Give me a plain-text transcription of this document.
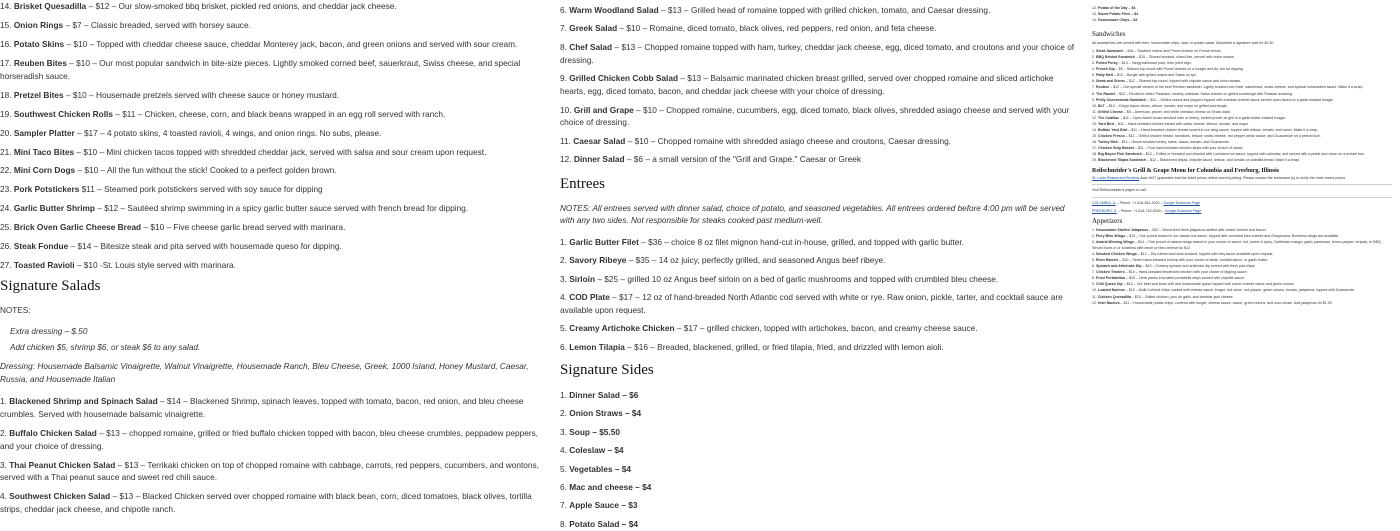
14. Brisket Quesadilla – $12 – Our slow-smoked bbq brisket, pickled red onions, and cheddar jack cheese.
15. Onion Rings – $7 – Classic breaded, served with horsey sauce.
16. Potato Skins – $10 – Topped with cheddar cheese sauce, cheddar Monterey jack, bacon, and green onions and served with sour cream.
17. Reuben Bites – $10 – Our most popular sandwich in bite-size pieces. Lightly smoked corned beef, sauerkraut, Swiss cheese, and special horseradish sauce.
18. Pretzel Bites – $10 – Housemade pretzels served with cheese sauce or honey mustard.
19. Southwest Chicken Rolls – $11 – Chicken, cheese, corn, and black beans wrapped in an egg roll served with ranch.
20. Sampler Platter – $17 – 4 potato skins, 4 toasted ravioli, 4 wings, and onion rings. No subs, please.
21. Mini Taco Bites – $10 – Mini chicken tacos topped with shredded cheddar jack, served with salsa and sour cream upon request.
22. Mini Corn Dogs – $10 – All the fun without the stick! Cooked to a perfect golden brown.
23. Pork Potstickers $11 – Steamed pork potstickers served with soy sauce for dipping
24. Garlic Butter Shrimp – $12 – Sautéed shrimp swimming in a spicy garlic butter sauce served with french bread for dipping.
25. Brick Oven Garlic Cheese Bread – $10 – Five cheese garlic bread served with marinara.
26. Steak Fondue – $14 – Bitesize steak and pita served with housemade queso for dipping.
27. Toasted Ravioli – $10 -St. Louis style served with marinara.
Signature Salads
NOTES:
Extra dressing – $.50
Add chicken $5, shrimp $6, or steak $6 to any salad.
Dressing: Housemade Balsamic Vinaigrette, Walnut Vinaigrette, Housemade Ranch, Bleu Cheese, Greek, 1000 Island, Honey Mustard, Caesar, Russia, and Housemade Italian
1. Blackened Shrimp and Spinach Salad – $14 – Blackened Shrimp, spinach leaves, topped with tomato, bacon, red onion, and bleu cheese crumbles. Served with housemade balsamic vinaigrette.
2. Buffalo Chicken Salad – $13 – chopped romaine, grilled or fried buffalo chicken topped with bacon, bleu cheese crumbles, peppadew peppers, and your choice of dressing.
3. Thai Peanut Chicken Salad – $13 – Terrikaki chicken on top of chopped romaine with cabbage, carrots, red peppers, cucumbers, and wontons, served with a Thai peanut sauce and sweet red chili sauce.
4. Southwest Chicken Salad – $13 – Blacked Chicken served over chopped romaine with black bean, corn, diced tomatoes, black olives, tortilla strips, cheddar jack cheese, and chipotle ranch.
6. Warm Woodland Salad – $13 – Grilled head of romaine topped with grilled chicken, tomato, and Caesar dressing.
7. Greek Salad – $10 – Romaine, diced tomato, black olives, red peppers, red onion, and feta cheese.
8. Chef Salad – $13 – Chopped romaine topped with ham, turkey, cheddar jack cheese, egg, diced tomato, and croutons and your choice of dressing.
9. Grilled Chicken Cobb Salad – $13 – Balsamic marinated chicken breast grilled, served over chopped romaine and sliced artichoke hearts, egg, diced tomato, bacon, and cheddar jack cheese with your choice of dressing.
10. Grill and Grape – $10 – Chopped romaine, cucumbers, egg, diced tomato, black olives, shredded asiago cheese and served with your choice of dressing.
11. Caesar Salad – $10 – Chopped romaine with shredded asiago cheese and croutons, Caesar dressing.
12. Dinner Salad – $6 – a small version of the "Grill and Grape." Caesar or Greek
Entrees
NOTES: All entrees served with dinner salad, choice of potato, and seasoned vegetables. All entrees ordered before 4:00 pm will be served with any two sides. Not responsible for steaks cooked past medium-well.
1. Garlic Butter Filet – $36 – choice 8 oz filet mignon hand-cut in-house, grilled, and topped with garlic butter.
2. Savory Ribeye – $35 – 14 oz juicy, perfectly grilled, and seasoned Angus beef ribeye.
3. Sirloin – $25 – grilled 10 oz Angus beef sirloin on a bed of garlic mushrooms and topped with crumbled bleu cheese.
4. COD Plate – $17 – 12 oz of hand-breaded North Atlantic cod served with white or rye. Raw onion, pickle, tarter, and cocktail sauce are available upon request.
5. Creamy Artichoke Chicken – $17 – grilled chicken, topped with artichokes, bacon, and creamy cheese sauce.
6. Lemon Tilapia – $16 – Breaded, blackened, grilled, or fried tilapia, fried, and drizzled with lemon aioli.
Signature Sides
1. Dinner Salad – $6
2. Onion Straws – $4
3. Soup – $5.50
4. Coleslaw – $4
5. Vegetables – $4
6. Mac and cheese – $4
7. Apple Sauce – $3
8. Potato Salad – $4
12. Potato of the Day – $4
13. Sweet Potato Fries – $4
14. Housemade Chips – $4
Sandwiches
All sandwiches are served with fries, housemade chips, slaw, or potato salad. Substitute a signature side for $2.50
1. Steak Sandwich – $16 – Sautéed onions and Provel cheese on French bread.
2. BBQ Brisket Sandwich – $15 – Slowed smoked, sliced thin, served with onion straws.
3. Pulled Porky – $13 – Tangy barbecue pork, then piled high.
4. French Dip – $9 – Shaved top round with Provel cheese on a hoagie and Au Jus for dipping.
5. Patty Melt – $12 – Burger with grilled onions and Swiss on rye.
6. Steak and Stress – $12 – Shaved top-round, topped with chipotle sauce and onion straws.
7. Reuben – $12 – Our special version of the beef Reuben sandwich. Lightly smoked corn beef, sauerkraut, swiss cheese, and special horseradish sauce. Make it a wrap!
8. The Rachel – $12 – Reuben's sister! Pastrami, creamy coleslaw, Swiss cheese on grilled sourdough with Russian dressing.
9. Philly Cheesesteak Sandwich – $12 – Grilled onions and peppers topped with cheddar cheese sauce served open-faced on a garlic toasted hoagie.
10. BLT – $10 – Crispy bacon slices, lettuce, tomato, and mayo on grilled sourdough.
11. Grilled Cheese – $9 – American, provel, and white cheddar cheese on Texas toast.
12. The Cadillac – $11 – Open-faced house smoked ham or turkey, melted provel on grill in a garlic butter toasted hoagie.
13. Yard Bird – $11 – Hand-breaded chicken breast with swiss cheese, lettuce, tomato, and mayo.
14. Buffalo Yard Bird – $11 – Hand-breaded chicken breast tossed in our wing sauce, topped with lettuce, tomato, and ranch. Make it a wrap.
15. Chicken Fresco – $11 – Grilled chicken breast, tomatoes, lettuce, swiss cheese, red pepper pesto sauce, and Guacamole on a pretzel bun.
16. Turkey Melt – $11 – House smoked turkey, swiss, bacon, tomato, and Guacamole.
17. Chicken Strip Basket – $11 – Four hand-breaded chicken strips with your choice of sauce.
18. Big Bayou Fish Sandwich – $12 – Grilled or breaded cod drizzled with Louisiana hot sauce, topped with coleslaw, and served with a pickle and onion on a pretzel bun.
19. Blackened Tilapia Sandwich – $12 – Blackened tilapia, chipotle sauce, lettuce, and tomato on ciabatta bread. Make it a wrap.
Reifschneider's Grill & Grape Menu for Columbia and Freeburg, Illinois
St. Louis Restaurant Reviews does NOT guarantee that the listed prices reflect current pricing. Please contact the restaurant (s) to verify the most recent prices.
Visit Reifschneider's pages or call:
COLUMBIA, IL – Phone: +1 618-281-2020 – Google Business Page
FREEBURG, IL – Phone: +1 618-710-5200 – Google Business Page
Appetizers
1. Housemade Stuffed Jalapenos – $10 – Wood-fired fresh jalapenos stuffed with cream cheese and bacon.
2. Fiery Bleu Wings – $13 – One pound tossed in our classic hot sauce, topped with crumbled bleu cheese and Gorgonzola. Boneless wings are available.
3. Award-Winning Wings – $14 – One pound of classic wings tossed in your choice of sauce: hot, sweet & spicy, Caribbean mango, garlic parmesan, lemon pepper, teriyaki, or BBQ. Served bone-in or boneless with ranch or bleu cheese for $12
4. Smoked Chicken Wings – $12 – Dry rubbed and slow smoked, topped with bbq sauce available upon request.
5. River Barrels – $10 – Seven hand-breaded shrimp with your choice of tartar, cocktail sauce, or garlic butter.
6. Spinach and Artichoke Dip – $10 – Creamy spinach and artichoke dip served with fresh pita chips.
7. Chicken Tenders – $10 – Hand-breaded tenderized chicken with your choice of dipping sauce.
8. Fried Portabellas – $10 – Herb panko encrusted portabella strips served with chipotle sauce.
9. Chili Queso Dip – $10 – Our beef and bean chili and housemade queso topped with nacho cheese sauce and green onions.
10. Loaded Nachos – $10 – Multi-Colored chips, loaded with cheese sauce, burger, red onion, red pepper, green onions, tomato, jalapenos, topped with Guacamole.
11. Chicken Quesadilla – $10 – Grilled chicken, pico de gallo, and cheddar jack cheese.
12. Irish Nachos – $11 – Housemade potato chips, covered with burger, cheese sauce, bacon, green onions, and sour cream. Add jalapenos for $1.00
